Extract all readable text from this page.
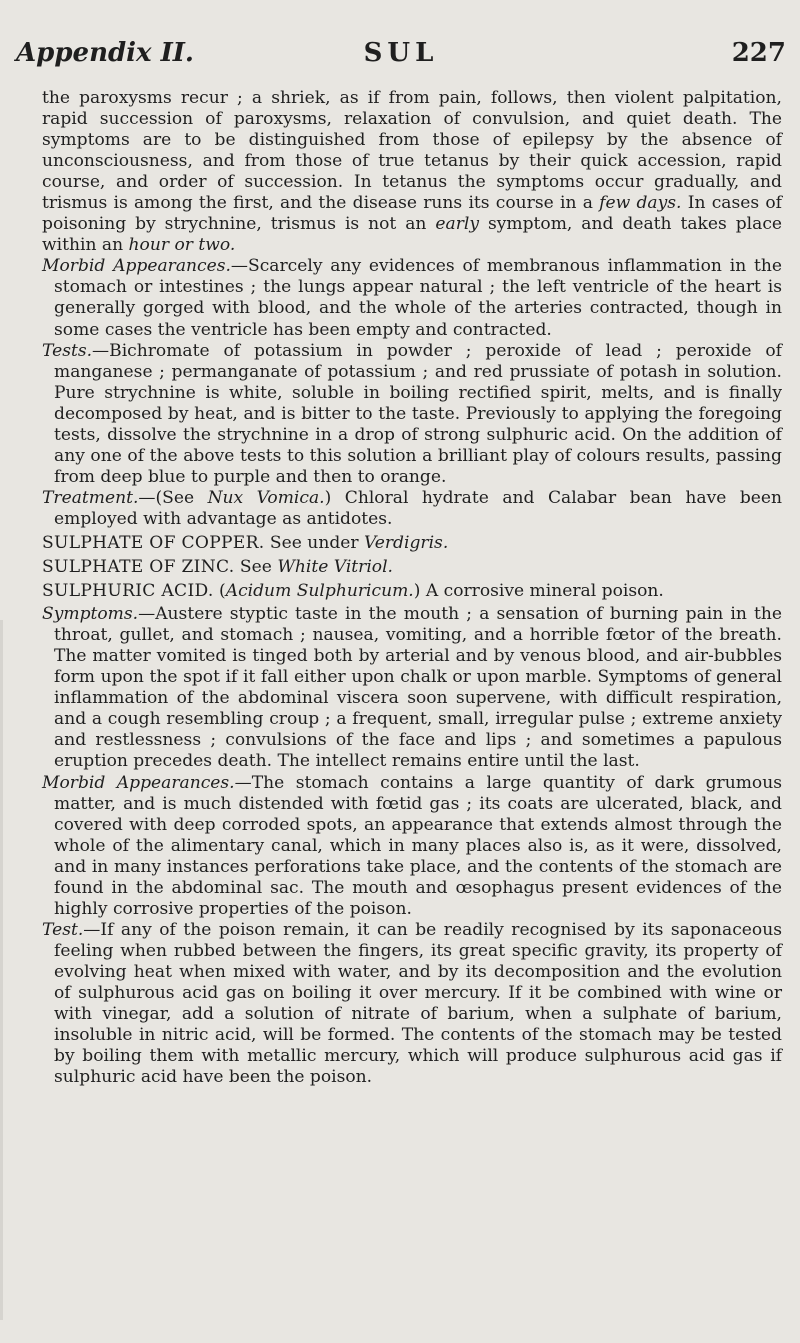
Appendix II.	SUL	227

the paroxysms recur ; a shriek, as if from pain, follows, then violent palpitation, rapid succession of paroxysms, relaxation of convulsion, and quiet death. The symptoms are to be distinguished from those of epilepsy by the absence of unconsciousness, and from those of true tetanus by their quick accession, rapid course, and order of succession. In tetanus the symptoms occur gradually, and trismus is among the first, and the disease runs its course in a few days. In cases of poisoning by strychnine, trismus is not an early symptom, and death takes place within an hour or two.

Morbid Appearances.—Scarcely any evidences of membranous inflammation in the stomach or intestines ; the lungs appear natural ; the left ventricle of the heart is generally gorged with blood, and the whole of the arteries contracted, though in some cases the ventricle has been empty and contracted.

Tests.—Bichromate of potassium in powder ; peroxide of lead ; peroxide of manganese ; permanganate of potassium ; and red prussiate of potash in solution. Pure strychnine is white, soluble in boiling rectified spirit, melts, and is finally decomposed by heat, and is bitter to the taste. Previously to applying the foregoing tests, dissolve the strychnine in a drop of strong sulphuric acid. On the addition of any one of the above tests to this solution a brilliant play of colours results, passing from deep blue to purple and then to orange.

Treatment.—(See Nux Vomica.) Chloral hydrate and Calabar bean have been employed with advantage as antidotes.

SULPHATE OF COPPER. See under Verdigris.

SULPHATE OF ZINC. See White Vitriol.

SULPHURIC ACID. (Acidum Sulphuricum.) A corrosive mineral poison.

Symptoms.—Austere styptic taste in the mouth ; a sensation of burning pain in the throat, gullet, and stomach ; nausea, vomiting, and a horrible fœtor of the breath. The matter vomited is tinged both by arterial and by venous blood, and air-bubbles form upon the spot if it fall either upon chalk or upon marble. Symptoms of general inflammation of the abdominal viscera soon supervene, with difficult respiration, and a cough resembling croup ; a frequent, small, irregular pulse ; extreme anxiety and restlessness ; convulsions of the face and lips ; and sometimes a papulous eruption precedes death. The intellect remains entire until the last.

Morbid Appearances.—The stomach contains a large quantity of dark grumous matter, and is much distended with fœtid gas ; its coats are ulcerated, black, and covered with deep corroded spots, an appearance that extends almost through the whole of the alimentary canal, which in many places also is, as it were, dissolved, and in many instances perforations take place, and the contents of the stomach are found in the abdominal sac. The mouth and œsophagus present evidences of the highly corrosive properties of the poison.

Test.—If any of the poison remain, it can be readily recognised by its saponaceous feeling when rubbed between the fingers, its great specific gravity, its property of evolving heat when mixed with water, and by its decomposition and the evolution of sulphurous acid gas on boiling it over mercury. If it be combined with wine or with vinegar, add a solution of nitrate of barium, when a sulphate of barium, insoluble in nitric acid, will be formed. The contents of the stomach may be tested by boiling them with metallic mercury, which will produce sulphurous acid gas if sulphuric acid have been the poison.
